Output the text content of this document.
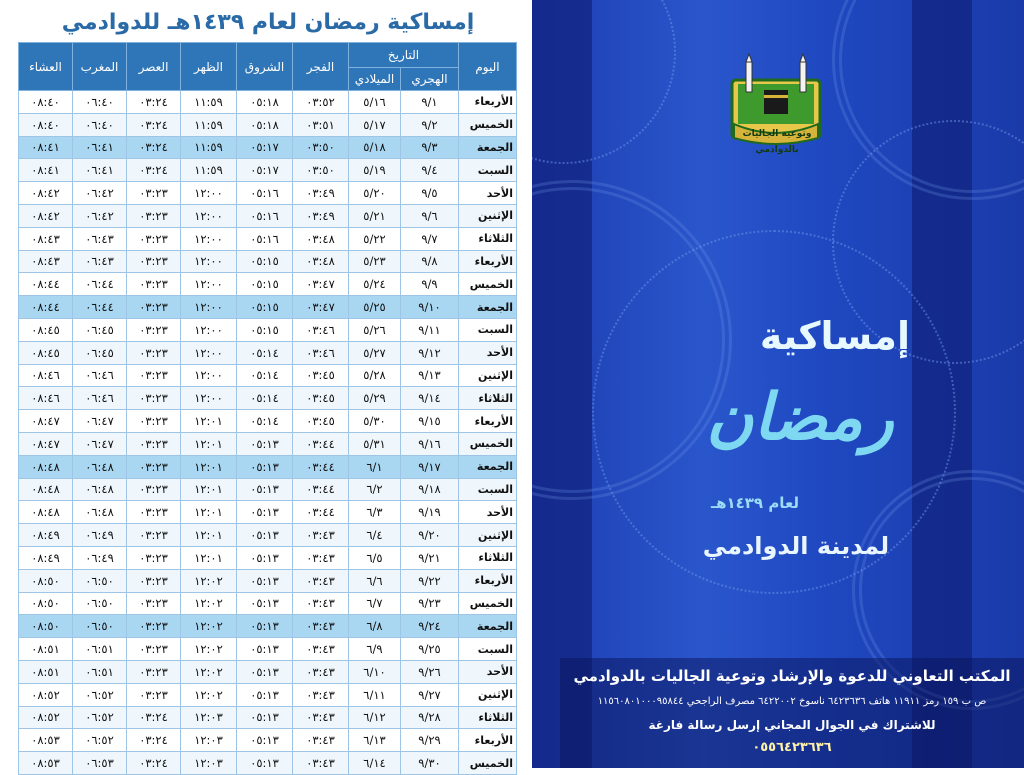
إمساكية رمضان لعام ١٤٣٩هـ للدوادمي
اليوم	التاريخ		الفجر	الشروق	الظهر	العصر	المغرب	العشاء
	الهجري	الميلادي						
الأربعاء	٩/١	٥/١٦	٠٣:٥٢	٠٥:١٨	١١:٥٩	٠٣:٢٤	٠٦:٤٠	٠٨:٤٠
الخميس	٩/٢	٥/١٧	٠٣:٥١	٠٥:١٨	١١:٥٩	٠٣:٢٤	٠٦:٤٠	٠٨:٤٠
الجمعة	٩/٣	٥/١٨	٠٣:٥٠	٠٥:١٧	١١:٥٩	٠٣:٢٤	٠٦:٤١	٠٨:٤١
السبت	٩/٤	٥/١٩	٠٣:٥٠	٠٥:١٧	١١:٥٩	٠٣:٢٤	٠٦:٤١	٠٨:٤١
الأحد	٩/٥	٥/٢٠	٠٣:٤٩	٠٥:١٦	١٢:٠٠	٠٣:٢٣	٠٦:٤٢	٠٨:٤٢
الإثنين	٩/٦	٥/٢١	٠٣:٤٩	٠٥:١٦	١٢:٠٠	٠٣:٢٣	٠٦:٤٢	٠٨:٤٢
الثلاثاء	٩/٧	٥/٢٢	٠٣:٤٨	٠٥:١٦	١٢:٠٠	٠٣:٢٣	٠٦:٤٣	٠٨:٤٣
الأربعاء	٩/٨	٥/٢٣	٠٣:٤٨	٠٥:١٥	١٢:٠٠	٠٣:٢٣	٠٦:٤٣	٠٨:٤٣
الخميس	٩/٩	٥/٢٤	٠٣:٤٧	٠٥:١٥	١٢:٠٠	٠٣:٢٣	٠٦:٤٤	٠٨:٤٤
الجمعة	٩/١٠	٥/٢٥	٠٣:٤٧	٠٥:١٥	١٢:٠٠	٠٣:٢٣	٠٦:٤٤	٠٨:٤٤
السبت	٩/١١	٥/٢٦	٠٣:٤٦	٠٥:١٥	١٢:٠٠	٠٣:٢٣	٠٦:٤٥	٠٨:٤٥
الأحد	٩/١٢	٥/٢٧	٠٣:٤٦	٠٥:١٤	١٢:٠٠	٠٣:٢٣	٠٦:٤٥	٠٨:٤٥
الإثنين	٩/١٣	٥/٢٨	٠٣:٤٥	٠٥:١٤	١٢:٠٠	٠٣:٢٣	٠٦:٤٦	٠٨:٤٦
الثلاثاء	٩/١٤	٥/٢٩	٠٣:٤٥	٠٥:١٤	١٢:٠٠	٠٣:٢٣	٠٦:٤٦	٠٨:٤٦
الأربعاء	٩/١٥	٥/٣٠	٠٣:٤٥	٠٥:١٤	١٢:٠١	٠٣:٢٣	٠٦:٤٧	٠٨:٤٧
الخميس	٩/١٦	٥/٣١	٠٣:٤٤	٠٥:١٣	١٢:٠١	٠٣:٢٣	٠٦:٤٧	٠٨:٤٧
الجمعة	٩/١٧	٦/١	٠٣:٤٤	٠٥:١٣	١٢:٠١	٠٣:٢٣	٠٦:٤٨	٠٨:٤٨
السبت	٩/١٨	٦/٢	٠٣:٤٤	٠٥:١٣	١٢:٠١	٠٣:٢٣	٠٦:٤٨	٠٨:٤٨
الأحد	٩/١٩	٦/٣	٠٣:٤٤	٠٥:١٣	١٢:٠١	٠٣:٢٣	٠٦:٤٨	٠٨:٤٨
الإثنين	٩/٢٠	٦/٤	٠٣:٤٣	٠٥:١٣	١٢:٠١	٠٣:٢٣	٠٦:٤٩	٠٨:٤٩
الثلاثاء	٩/٢١	٦/٥	٠٣:٤٣	٠٥:١٣	١٢:٠١	٠٣:٢٣	٠٦:٤٩	٠٨:٤٩
الأربعاء	٩/٢٢	٦/٦	٠٣:٤٣	٠٥:١٣	١٢:٠٢	٠٣:٢٣	٠٦:٥٠	٠٨:٥٠
الخميس	٩/٢٣	٦/٧	٠٣:٤٣	٠٥:١٣	١٢:٠٢	٠٣:٢٣	٠٦:٥٠	٠٨:٥٠
الجمعة	٩/٢٤	٦/٨	٠٣:٤٣	٠٥:١٣	١٢:٠٢	٠٣:٢٣	٠٦:٥٠	٠٨:٥٠
السبت	٩/٢٥	٦/٩	٠٣:٤٣	٠٥:١٣	١٢:٠٢	٠٣:٢٣	٠٦:٥١	٠٨:٥١
الأحد	٩/٢٦	٦/١٠	٠٣:٤٣	٠٥:١٣	١٢:٠٢	٠٣:٢٣	٠٦:٥١	٠٨:٥١
الإثنين	٩/٢٧	٦/١١	٠٣:٤٣	٠٥:١٣	١٢:٠٢	٠٣:٢٣	٠٦:٥٢	٠٨:٥٢
الثلاثاء	٩/٢٨	٦/١٢	٠٣:٤٣	٠٥:١٣	١٢:٠٣	٠٣:٢٤	٠٦:٥٢	٠٨:٥٢
الأربعاء	٩/٢٩	٦/١٣	٠٣:٤٣	٠٥:١٣	١٢:٠٣	٠٣:٢٤	٠٦:٥٢	٠٨:٥٣
الخميس	٩/٣٠	٦/١٤	٠٣:٤٣	٠٥:١٣	١٢:٠٣	٠٣:٢٤	٠٦:٥٣	٠٨:٥٣
وتوعية الجاليات بالدوادمي
إمساكية
رمضان
لعام ١٤٣٩هـ
لمدينة الدوادمي
المكتب التعاوني للدعوة والإرشاد وتوعية الجاليات بالدوادمي
ص ب ١٥٩ رمز ١١٩١١ هاتف ٦٤٢٣٦٣٦ ناسوخ ٦٤٢٢٠٠٢ مصرف الراجحي ١١٥٦٠٨٠١٠٠٠٩٥٨٤٤
للاشتراك في الجوال المجاني إرسل رسالة فارغة
٠٥٥٦٤٢٣٦٣٦
